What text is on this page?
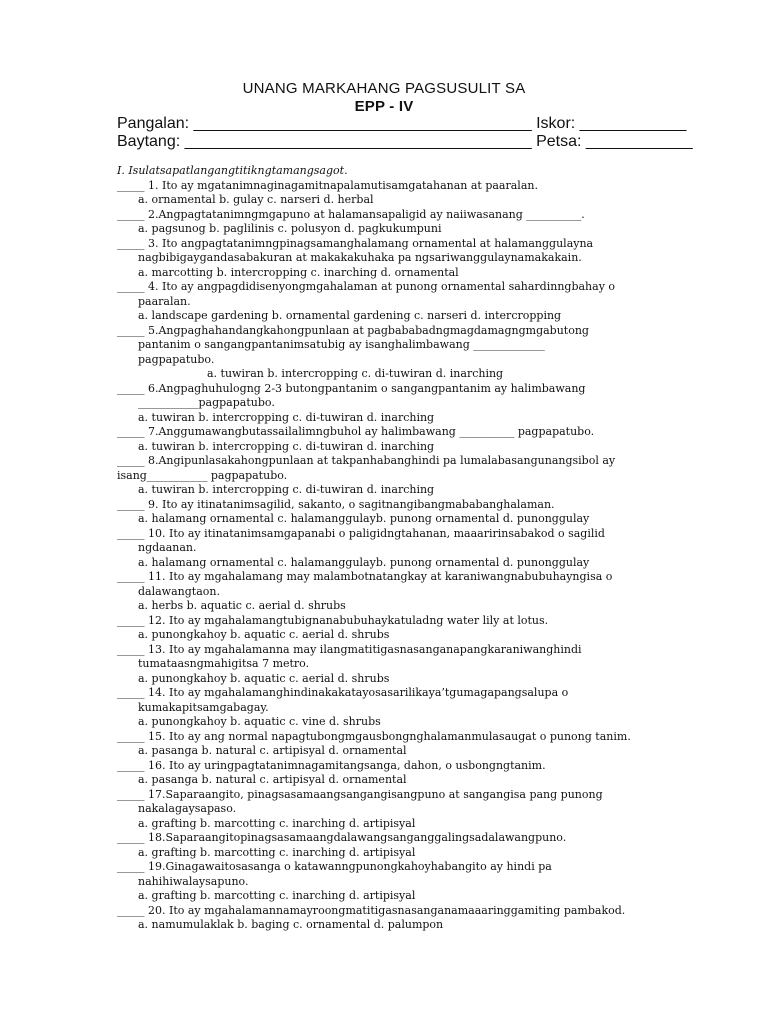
UNANG MARKAHANG PAGSUSULIT SA
EPP - IV
Pangalan: ______________________________________ Iskor: ____________
Baytang: _______________________________________ Petsa: ____________

I. Isulatsapatlangangtitikngtamangsagot.

_____ 1. Ito ay mgatanimnaginagamitnapalamutisamgatahanan at paaralan.
a. ornamental b. gulay c. narseri d. herbal
_____ 2.Angpagtatanimngmgapuno at halamansapaligid ay naiiwasanang __________.
a. pagsunog b. paglilinis c. polusyon d. pagkukumpuni
_____ 3. Ito angpagtatanimngpinagsamanghalamang ornamental at halamanggulayna
nagbibigaygandasabakuran at makakakuhaka pa ngsariwanggulaynamakakain.
a. marcotting b. intercropping c. inarching d. ornamental
_____ 4. Ito ay angpagdidisenyongmgahalaman at punong ornamental sahardinngbahay o
paaralan.
a. landscape gardening b. ornamental gardening c. narseri d. intercropping
_____ 5.Angpaghahandangkahongpunlaan at pagbababadngmagdamagngmgabutong
pantanim o sangangpantanimsatubig ay isanghalimbawang _____________
pagpapatubo.
a. tuwiran b. intercropping c. di-tuwiran d. inarching
_____ 6.Angpaghuhulogng 2-3 butongpantanim o sangangpantanim ay halimbawang
___________pagpapatubo.
a. tuwiran b. intercropping c. di-tuwiran d. inarching
_____ 7.Anggumawangbutassailalimngbuhol ay halimbawang __________ pagpapatubo.
a. tuwiran b. intercropping c. di-tuwiran d. inarching
_____ 8.Angipunlasakahongpunlaan at takpanhabanghindi pa lumalabasangunangsibol ay
isang___________ pagpapatubo.
a. tuwiran b. intercropping c. di-tuwiran d. inarching
_____ 9. Ito ay itinatanimsagilid, sakanto, o sagitnangibangmababanghalaman.
a. halamang ornamental c. halamanggulayb. punong ornamental d. punonggulay
_____ 10. Ito ay itinatanimsamgapanabi o paligidngtahanan, maaaririnsabakod o sagilid
ngdaanan.
a. halamang ornamental c. halamanggulayb. punong ornamental d. punonggulay
_____ 11. Ito ay mgahalamang may malambotnatangkay at karaniwangnabubuhayngisa o
dalawangtaon.
a. herbs b. aquatic c. aerial d. shrubs
_____ 12. Ito ay mgahalamangtubignanabubuhaykatuladng water lily at lotus.
a. punongkahoy b. aquatic c. aerial d. shrubs
_____ 13. Ito ay mgahalamanna may ilangmatitigasnasanganapangkaraniwanghindi
tumataasngmahigitsa 7 metro.
a. punongkahoy b. aquatic c. aerial d. shrubs
_____ 14. Ito ay mgahalamanghindinakakatayosasarilikaya’tgumagapangsalupa o
kumakapitsamgabagay.
a. punongkahoy b. aquatic c. vine d. shrubs
_____ 15. Ito ay ang normal napagtubongmgausbongnghalamanmulasaugat o punong tanim.
a. pasanga b. natural c. artipisyal d. ornamental
_____ 16. Ito ay uringpagtatanimnagamitangsanga, dahon, o usbongngtanim.
a. pasanga b. natural c. artipisyal d. ornamental
_____ 17.Saparaangito, pinagsasamaangsangangisangpuno at sangangisa pang punong
nakalagaysapaso.
a. grafting b. marcotting c. inarching d. artipisyal
_____ 18.Saparaangitopinagsasamaangdalawangsanganggalingsadalawangpuno.
a. grafting b. marcotting c. inarching d. artipisyal
_____ 19.Ginagawaitosasanga o katawanngpunongkahoyhabangito ay hindi pa
nahihiwalaysapuno.
a. grafting b. marcotting c. inarching d. artipisyal
_____ 20. Ito ay mgahalamannamayroongmatitigasnasanganamaaaringgamiting pambakod.
a. namumulaklak b. baging c. ornamental d. palumpon
